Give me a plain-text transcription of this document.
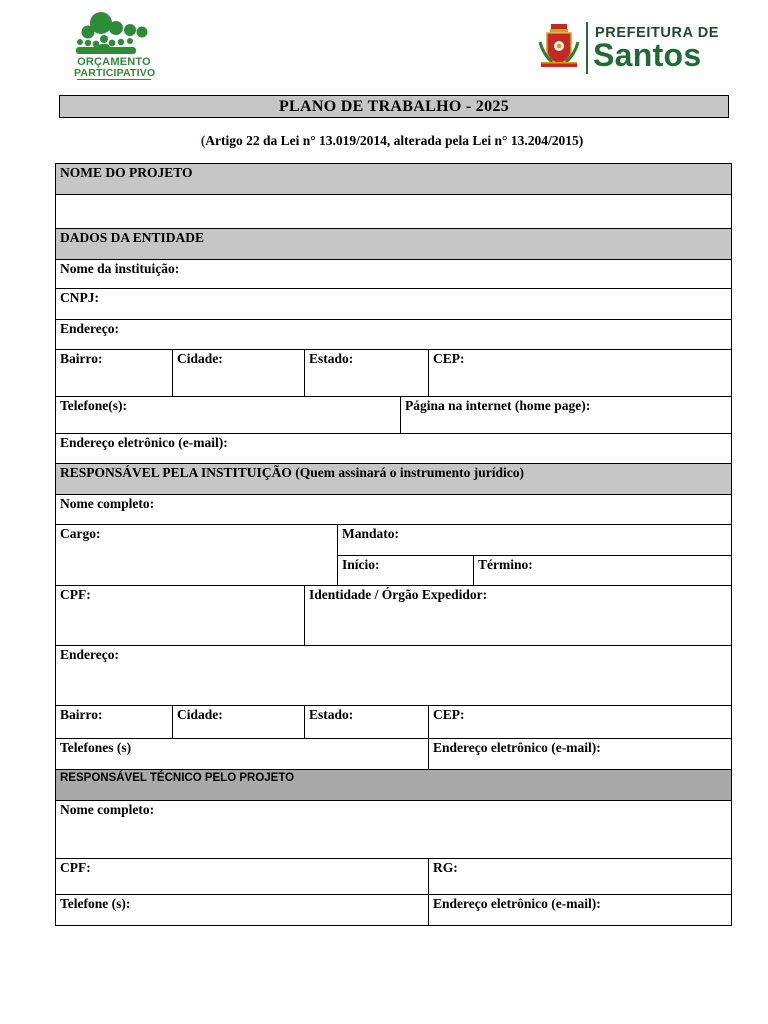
ORÇAMENTO
PARTICIPATIVO
PREFEITURA DE
Santos
PLANO DE TRABALHO - 2025
(Artigo 22 da Lei n° 13.019/2014, alterada pela Lei n° 13.204/2015)
NOME DO PROJETO						

DADOS DA ENTIDADE						
Nome da instituição:						
CNPJ:						
Endereço:						
Bairro:	Cidade:	Estado:			CEP:	
Telefone(s):				Página na internet (home page):		
Endereço eletrônico (e-mail):						
RESPONSÁVEL PELA INSTITUIÇÃO (Quem assinará o instrumento jurídico)						
Nome completo:						
Cargo:			Mandato:			
			Início:			Término:
CPF:		Identidade / Órgão Expedidor:				
Endereço:						
Bairro:	Cidade:	Estado:			CEP:	
Telefones (s)					Endereço eletrônico (e-mail):	
RESPONSÁVEL TÉCNICO PELO PROJETO						
Nome completo:						
CPF:					RG:	
Telefone (s):					Endereço eletrônico (e-mail):	
